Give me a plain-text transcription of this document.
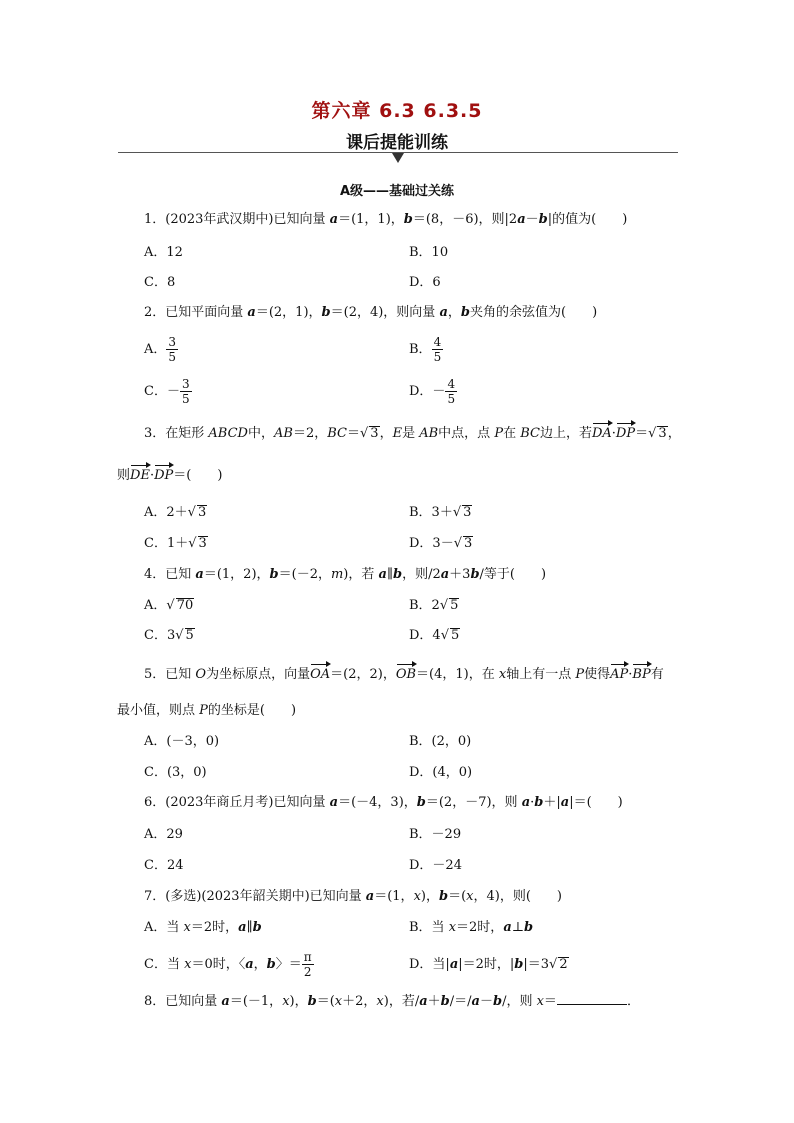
第六章 6.3 6.3.5
课后提能训练
A级——基础过关练
1．(2023年武汉期中)已知向量 a＝(1，1)，b＝(8，－6)，则|2a－b|的值为(　　)
A．12	B．10
C．8	D．6
2．已知平面向量 a＝(2，1)，b＝(2，4)，则向量 a，b夹角的余弦值为(　　)
A． $\frac{3}{5}$	B． $\frac{4}{5}$
C．－ $\frac{3}{5}$	D．－ $\frac{4}{5}$
3．在矩形 ABCD中，AB＝2，BC＝√ 3，E是 AB中点，点 P在 BC边上，若DA·DP＝√ 3，
则DE·DP＝(　　)
A．2＋√ 3	B．3＋√ 3
C．1＋√ 3	D．3－√ 3
4．已知 a＝(1，2)，b＝(－2，m)，若 a∥b，则/2a＋3b/等于(　　)
A．√ 70	B．2√ 5
C．3√ 5	D．4√ 5
5．已知 O为坐标原点，向量OA＝(2，2)，OB＝(4，1)，在 x轴上有一点 P使得AP·BP有
最小值，则点 P的坐标是(　　)
A．(－3，0)	B．(2，0)
C．(3，0)	D．(4，0)
6．(2023年商丘月考)已知向量 a＝(－4，3)，b＝(2，－7)，则 a·b＋|a|＝(　　)
A．29	B．－29
C．24	D．－24
7．(多选)(2023年韶关期中)已知向量 a＝(1，x)，b＝(x，4)，则(　　)
A．当 x＝2时，a∥b	B．当 x＝2时，a⊥b
C．当 x＝0时，〈a，b〉＝ $\frac{\pi}{2}$	D．当|a|＝2时，|b|＝3√ 2
8．已知向量 a＝(－1，x)，b＝(x＋2，x)，若/a＋b/＝/a－b/，则 x＝	．
